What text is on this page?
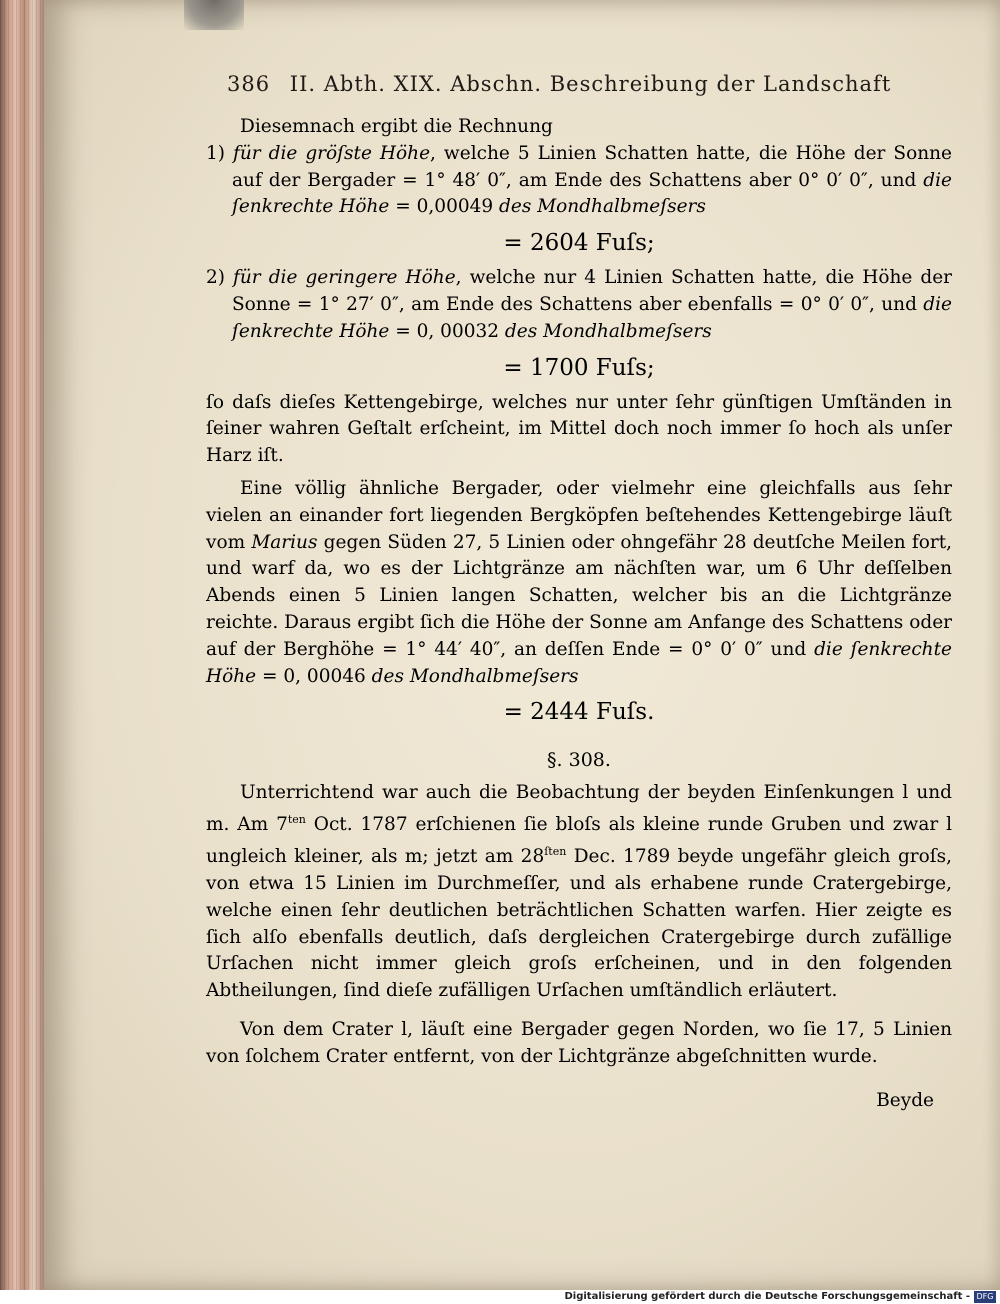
386 II. Abth. XIX. Abschn. Beschreibung der Landschaft

Diesemnach ergibt die Rechnung

1) für die gröſste Höhe, welche 5 Linien Schatten hatte, die Höhe der Sonne auf der Bergader = 1° 48′ 0″, am Ende des Schattens aber 0° 0′ 0″, und die ſenkrechte Höhe = 0,00049 des Mondhalbmeſsers

= 2604 Fuſs;

2) für die geringere Höhe, welche nur 4 Linien Schatten hatte, die Höhe der Sonne = 1° 27′ 0″, am Ende des Schattens aber ebenfalls = 0° 0′ 0″, und die ſenkrechte Höhe = 0, 00032 des Mondhalbmeſsers

= 1700 Fuſs;

ſo daſs dieſes Kettengebirge, welches nur unter ſehr günſtigen Umſtänden in ſeiner wahren Geſtalt erſcheint, im Mittel doch noch immer ſo hoch als unſer Harz iſt.

Eine völlig ähnliche Bergader, oder vielmehr eine gleichfalls aus ſehr vielen an einander fort liegenden Bergköpfen beſtehendes Kettengebirge läuſt vom Marius gegen Süden 27, 5 Linien oder ohngefähr 28 deutſche Meilen fort, und warf da, wo es der Lichtgränze am nächſten war, um 6 Uhr deſſelben Abends einen 5 Linien langen Schatten, welcher bis an die Lichtgränze reichte. Daraus ergibt ſich die Höhe der Sonne am Anfange des Schattens oder auf der Berghöhe = 1° 44′ 40″, an deſſen Ende = 0° 0′ 0″ und die ſenkrechte Höhe = 0, 00046 des Mondhalbmeſsers

= 2444 Fuſs.

§. 308.

Unterrichtend war auch die Beobachtung der beyden Einſenkungen l und m. Am $7^{ten}$ Oct. 1787 erſchienen ſie bloſs als kleine runde Gruben und zwar l ungleich kleiner, als m; jetzt am $28^{ſten}$ Dec. 1789 beyde ungefähr gleich groſs, von etwa 15 Linien im Durchmeſſer, und als erhabene runde Cratergebirge, welche einen ſehr deutlichen beträchtlichen Schatten warfen. Hier zeigte es ſich alſo ebenfalls deutlich, daſs dergleichen Cratergebirge durch zufällige Urſachen nicht immer gleich groſs erſcheinen, und in den folgenden Abtheilungen, ſind dieſe zufälligen Urſachen umſtändlich erläutert.

Von dem Crater l, läuſt eine Bergader gegen Norden, wo ſie 17, 5 Linien von ſolchem Crater entfernt, von der Lichtgränze abgeſchnitten wurde.

Beyde
Digitalisierung gefördert durch die Deutsche Forschungsgemeinschaft - DFG
